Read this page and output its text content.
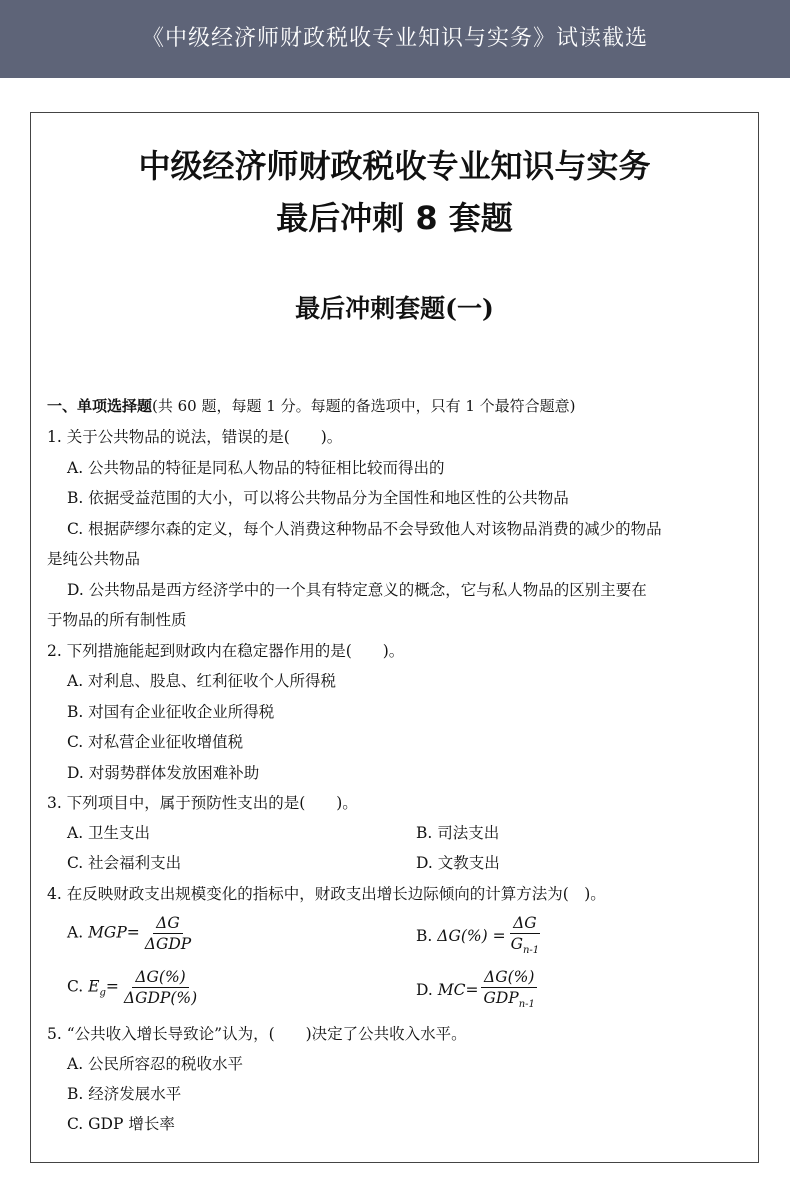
《中级经济师财政税收专业知识与实务》试读截选
中级经济师财政税收专业知识与实务
最后冲刺 8 套题
最后冲刺套题(一)
一、单项选择题(共 60 题，每题 1 分。每题的备选项中，只有 1 个最符合题意)
1. 关于公共物品的说法，错误的是(　　)。
A. 公共物品的特征是同私人物品的特征相比较而得出的
B. 依据受益范围的大小，可以将公共物品分为全国性和地区性的公共物品
C. 根据萨缪尔森的定义，每个人消费这种物品不会导致他人对该物品消费的减少的物品
是纯公共物品
D. 公共物品是西方经济学中的一个具有特定意义的概念，它与私人物品的区别主要在
于物品的所有制性质
2. 下列措施能起到财政内在稳定器作用的是(　　)。
A. 对利息、股息、红利征收个人所得税
B. 对国有企业征收企业所得税
C. 对私营企业征收增值税
D. 对弱势群体发放困难补助
3. 下列项目中，属于预防性支出的是(　　)。
A. 卫生支出	B. 司法支出
C. 社会福利支出	D. 文教支出
4. 在反映财政支出规模变化的指标中，财政支出增长边际倾向的计算方法为(　)。
A. $MGP= \frac{\Delta G}{\text{ΔGDP}}$	B. $\Delta G(\%) = \frac{\Delta G}{G_{n-1}}$
C. $E_g= \frac{\Delta G(\%)}{\text{ΔGDP(\%)}}$	D. $MC= \frac{\Delta G(\%)}{GDP_{n-1}}$
5. “公共收入增长导致论”认为，(　　)决定了公共收入水平。
A. 公民所容忍的税收水平
B. 经济发展水平
C. GDP 增长率
